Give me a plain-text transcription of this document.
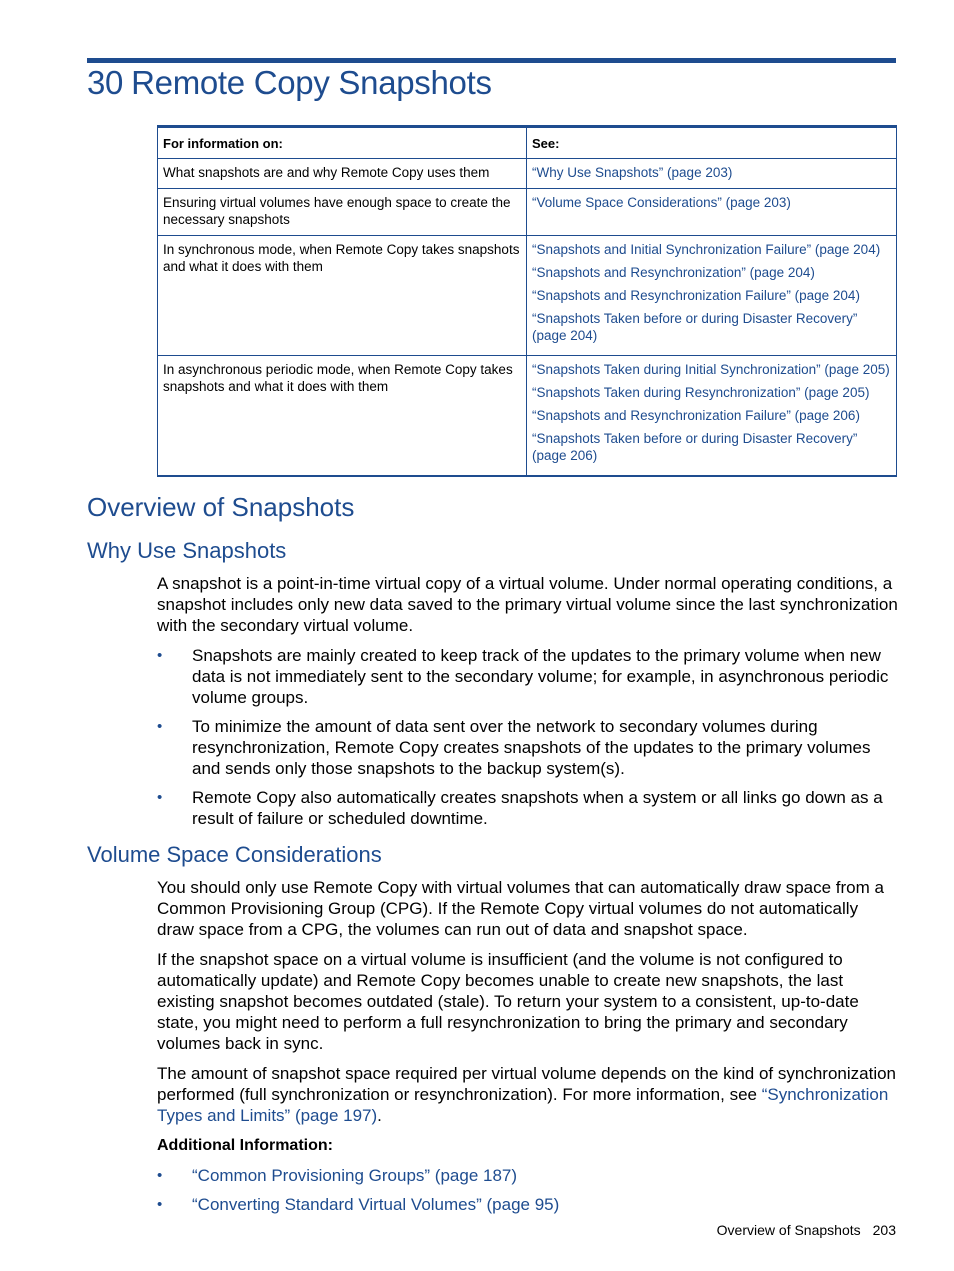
30 Remote Copy Snapshots
For information on:	See:
What snapshots are and why Remote Copy uses them	“Why Use Snapshots” (page 203)

Ensuring virtual volumes have enough space to create the necessary snapshots	“Volume Space Considerations” (page 203)

In synchronous mode, when Remote Copy takes snapshots and what it does with them	“Snapshots and Initial Synchronization Failure” (page 204)
“Snapshots and Resynchronization” (page 204)
“Snapshots and Resynchronization Failure” (page 204)
“Snapshots Taken before or during Disaster Recovery” (page 204)

In asynchronous periodic mode, when Remote Copy takes snapshots and what it does with them	“Snapshots Taken during Initial Synchronization” (page 205)
“Snapshots Taken during Resynchronization” (page 205)
“Snapshots and Resynchronization Failure” (page 206)
“Snapshots Taken before or during Disaster Recovery” (page 206)
Overview of Snapshots
Why Use Snapshots

A snapshot is a point-in-time virtual copy of a virtual volume. Under normal operating conditions, a snapshot includes only new data saved to the primary virtual volume since the last synchronization with the secondary virtual volume.

• Snapshots are mainly created to keep track of the updates to the primary volume when new data is not immediately sent to the secondary volume; for example, in asynchronous periodic volume groups.
• To minimize the amount of data sent over the network to secondary volumes during resynchronization, Remote Copy creates snapshots of the updates to the primary volumes and sends only those snapshots to the backup system(s).
• Remote Copy also automatically creates snapshots when a system or all links go down as a result of failure or scheduled downtime.
Volume Space Considerations

You should only use Remote Copy with virtual volumes that can automatically draw space from a Common Provisioning Group (CPG). If the Remote Copy virtual volumes do not automatically draw space from a CPG, the volumes can run out of data and snapshot space.

If the snapshot space on a virtual volume is insufficient (and the volume is not configured to automatically update) and Remote Copy becomes unable to create new snapshots, the last existing snapshot becomes outdated (stale). To return your system to a consistent, up-to-date state, you might need to perform a full resynchronization to bring the primary and secondary volumes back in sync.

The amount of snapshot space required per virtual volume depends on the kind of synchronization performed (full synchronization or resynchronization). For more information, see “Synchronization Types and Limits” (page 197).

Additional Information:
• “Common Provisioning Groups” (page 187)
• “Converting Standard Virtual Volumes” (page 95)
Overview of Snapshots 203
